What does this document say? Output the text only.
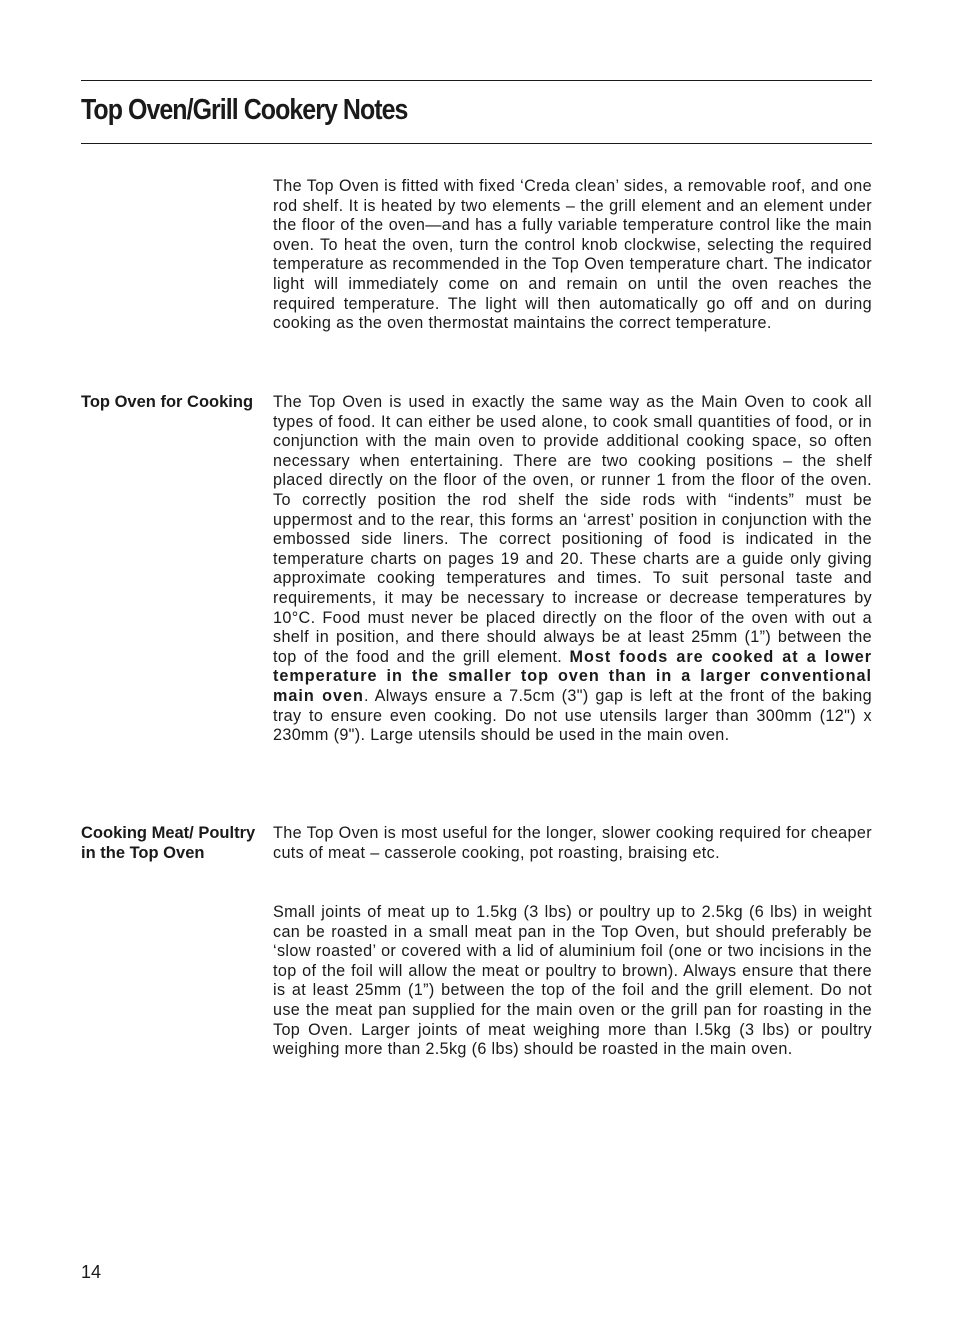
Top Oven/Grill Cookery Notes

The Top Oven is fitted with fixed ‘Creda clean’ sides, a removable roof, and one rod shelf. It is heated by two elements – the grill element and an element under the floor of the oven—and has a fully variable temperature control like the main oven. To heat the oven, turn the control knob clockwise, selecting the required temperature as recommended in the Top Oven temperature chart. The indicator light will immediately come on and remain on until the oven reaches the required temperature. The light will then automatically go off and on during cooking as the oven thermostat maintains the correct temperature.

Top Oven for Cooking The Top Oven is used in exactly the same way as the Main Oven to cook all types of food. It can either be used alone, to cook small quantities of food, or in conjunction with the main oven to provide additional cooking space, so often necessary when entertaining. There are two cooking positions – the shelf placed directly on the floor of the oven, or runner 1 from the floor of the oven. To correctly position the rod shelf the side rods with “indents” must be uppermost and to the rear, this forms an ‘arrest’ position in conjunction with the embossed side liners. The correct positioning of food is indicated in the temperature charts on pages 19 and 20. These charts are a guide only giving approximate cooking temperatures and times. To suit personal taste and requirements, it may be necessary to increase or decrease temperatures by 10°C. Food must never be placed directly on the floor of the oven with out a shelf in position, and there should always be at least 25mm (1”) between the top of the food and the grill element. Most foods are cooked at a lower temperature in the smaller top oven than in a larger conventional main oven. Always ensure a 7.5cm (3") gap is left at the front of the baking tray to ensure even cooking. Do not use utensils larger than 300mm (12") x 230mm (9"). Large utensils should be used in the main oven.

Cooking Meat/ Poultry in the Top Oven

The Top Oven is most useful for the longer, slower cooking required for cheaper cuts of meat – casserole cooking, pot roasting, braising etc.

Small joints of meat up to 1.5kg (3 lbs) or poultry up to 2.5kg (6 lbs) in weight can be roasted in a small meat pan in the Top Oven, but should preferably be ‘slow roasted’ or covered with a lid of aluminium foil (one or two incisions in the top of the foil will allow the meat or poultry to brown). Always ensure that there is at least 25mm (1”) between the top of the foil and the grill element. Do not use the meat pan supplied for the main oven or the grill pan for roasting in the Top Oven. Larger joints of meat weighing more than l.5kg (3 lbs) or poultry weighing more than 2.5kg (6 lbs) should be roasted in the main oven.

14
